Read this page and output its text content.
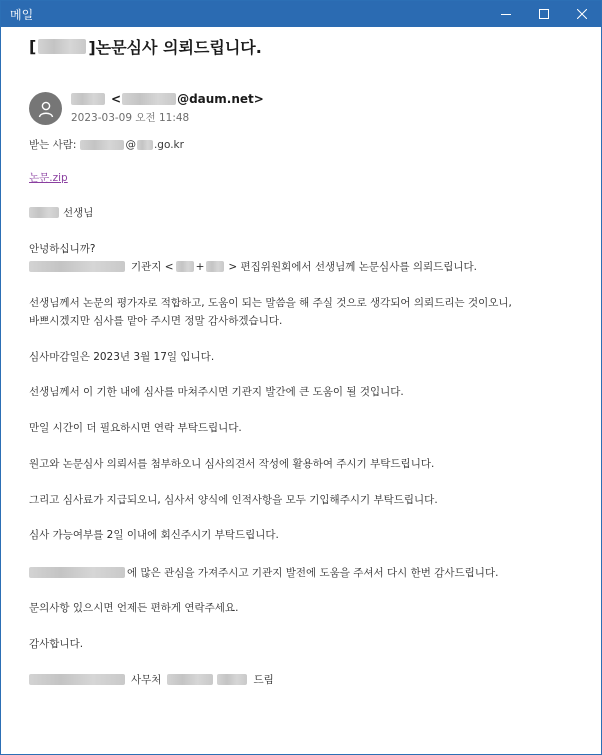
메일
[	]논문심사 의뢰드립니다.
<	@daum.net>
2023-03-09 오전 11:48
받는 사람:	@ .go.kr
논문.zip
선생님
안녕하십니까?
기관지 < + > 편집위원회에서 선생님께 논문심사를 의뢰드립니다.
선생님께서 논문의 평가자로 적합하고, 도움이 되는 말씀을 해 주실 것으로 생각되어 의뢰드리는 것이오니,
바쁘시겠지만 심사를 맡아 주시면 정말 감사하겠습니다.
심사마감일은 2023년 3월 17일 입니다.
선생님께서 이 기한 내에 심사를 마쳐주시면 기관지 발간에 큰 도움이 될 것입니다.
만일 시간이 더 필요하시면 연락 부탁드립니다.
원고와 논문심사 의뢰서를 첨부하오니 심사의견서 작성에 활용하여 주시기 부탁드립니다.
그리고 심사료가 지급되오니, 심사서 양식에 인적사항을 모두 기입해주시기 부탁드립니다.
심사 가능여부를 2일 이내에 회신주시기 부탁드립니다.
에 많은 관심을 가져주시고 기관지 발전에 도움을 주셔서 다시 한번 감사드립니다.
문의사항 있으시면 언제든 편하게 연락주세요.
감사합니다.
사무처	드림
